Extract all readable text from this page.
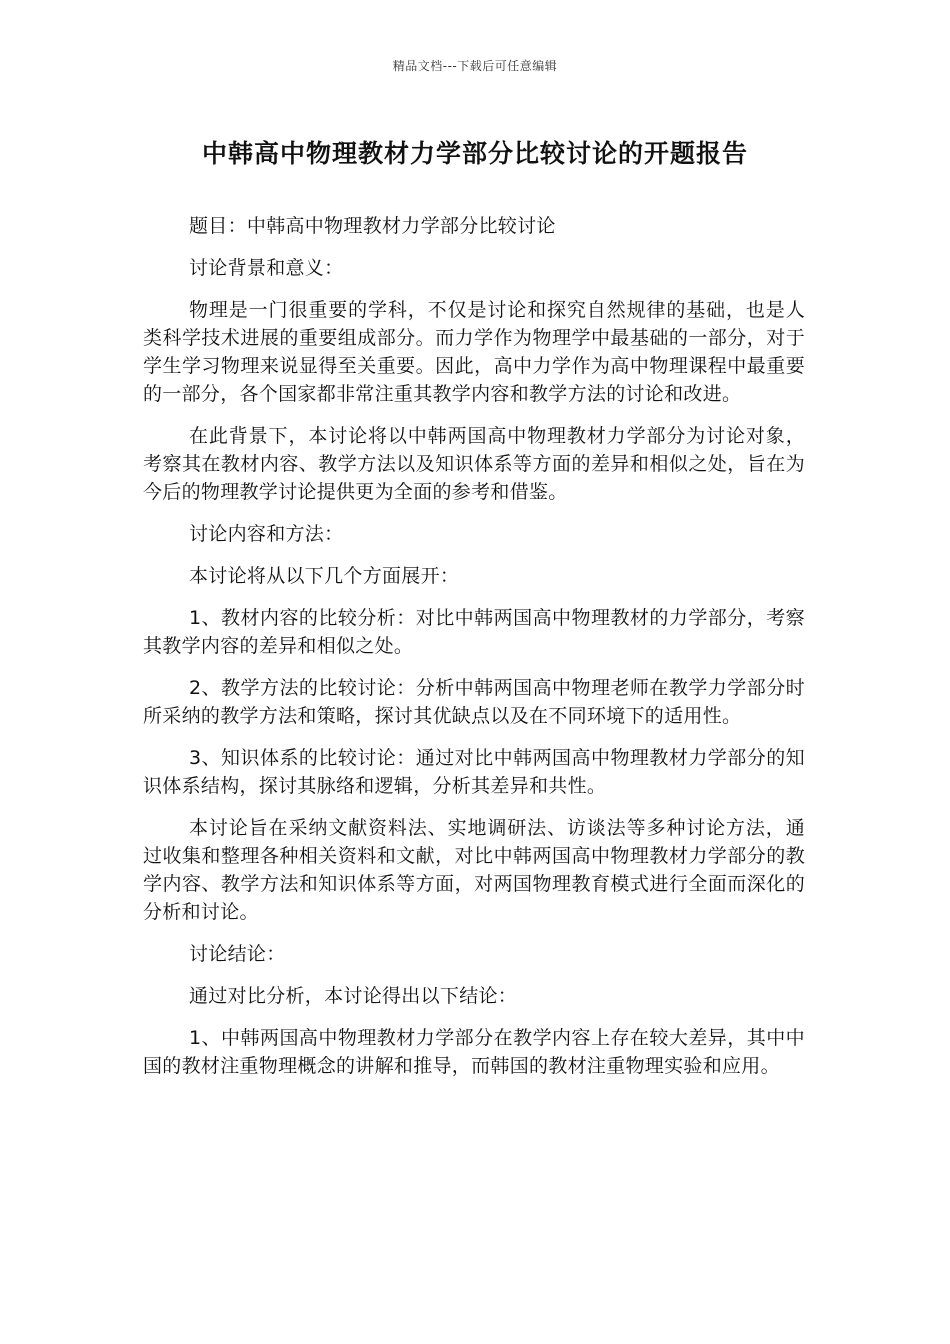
精品文档---下载后可任意编辑
中韩高中物理教材力学部分比较讨论的开题报告

题目：中韩高中物理教材力学部分比较讨论

讨论背景和意义：

物理是一门很重要的学科，不仅是讨论和探究自然规律的基础，也是人类科学技术进展的重要组成部分。而力学作为物理学中最基础的一部分，对于学生学习物理来说显得至关重要。因此，高中力学作为高中物理课程中最重要的一部分，各个国家都非常注重其教学内容和教学方法的讨论和改进。

在此背景下，本讨论将以中韩两国高中物理教材力学部分为讨论对象，考察其在教材内容、教学方法以及知识体系等方面的差异和相似之处，旨在为今后的物理教学讨论提供更为全面的参考和借鉴。

讨论内容和方法：

本讨论将从以下几个方面展开：

1、教材内容的比较分析：对比中韩两国高中物理教材的力学部分，考察其教学内容的差异和相似之处。

2、教学方法的比较讨论：分析中韩两国高中物理老师在教学力学部分时所采纳的教学方法和策略，探讨其优缺点以及在不同环境下的适用性。

3、知识体系的比较讨论：通过对比中韩两国高中物理教材力学部分的知识体系结构，探讨其脉络和逻辑，分析其差异和共性。

本讨论旨在采纳文献资料法、实地调研法、访谈法等多种讨论方法，通过收集和整理各种相关资料和文献，对比中韩两国高中物理教材力学部分的教学内容、教学方法和知识体系等方面，对两国物理教育模式进行全面而深化的分析和讨论。

讨论结论：

通过对比分析，本讨论得出以下结论：

1、中韩两国高中物理教材力学部分在教学内容上存在较大差异，其中中国的教材注重物理概念的讲解和推导，而韩国的教材注重物理实验和应用。
